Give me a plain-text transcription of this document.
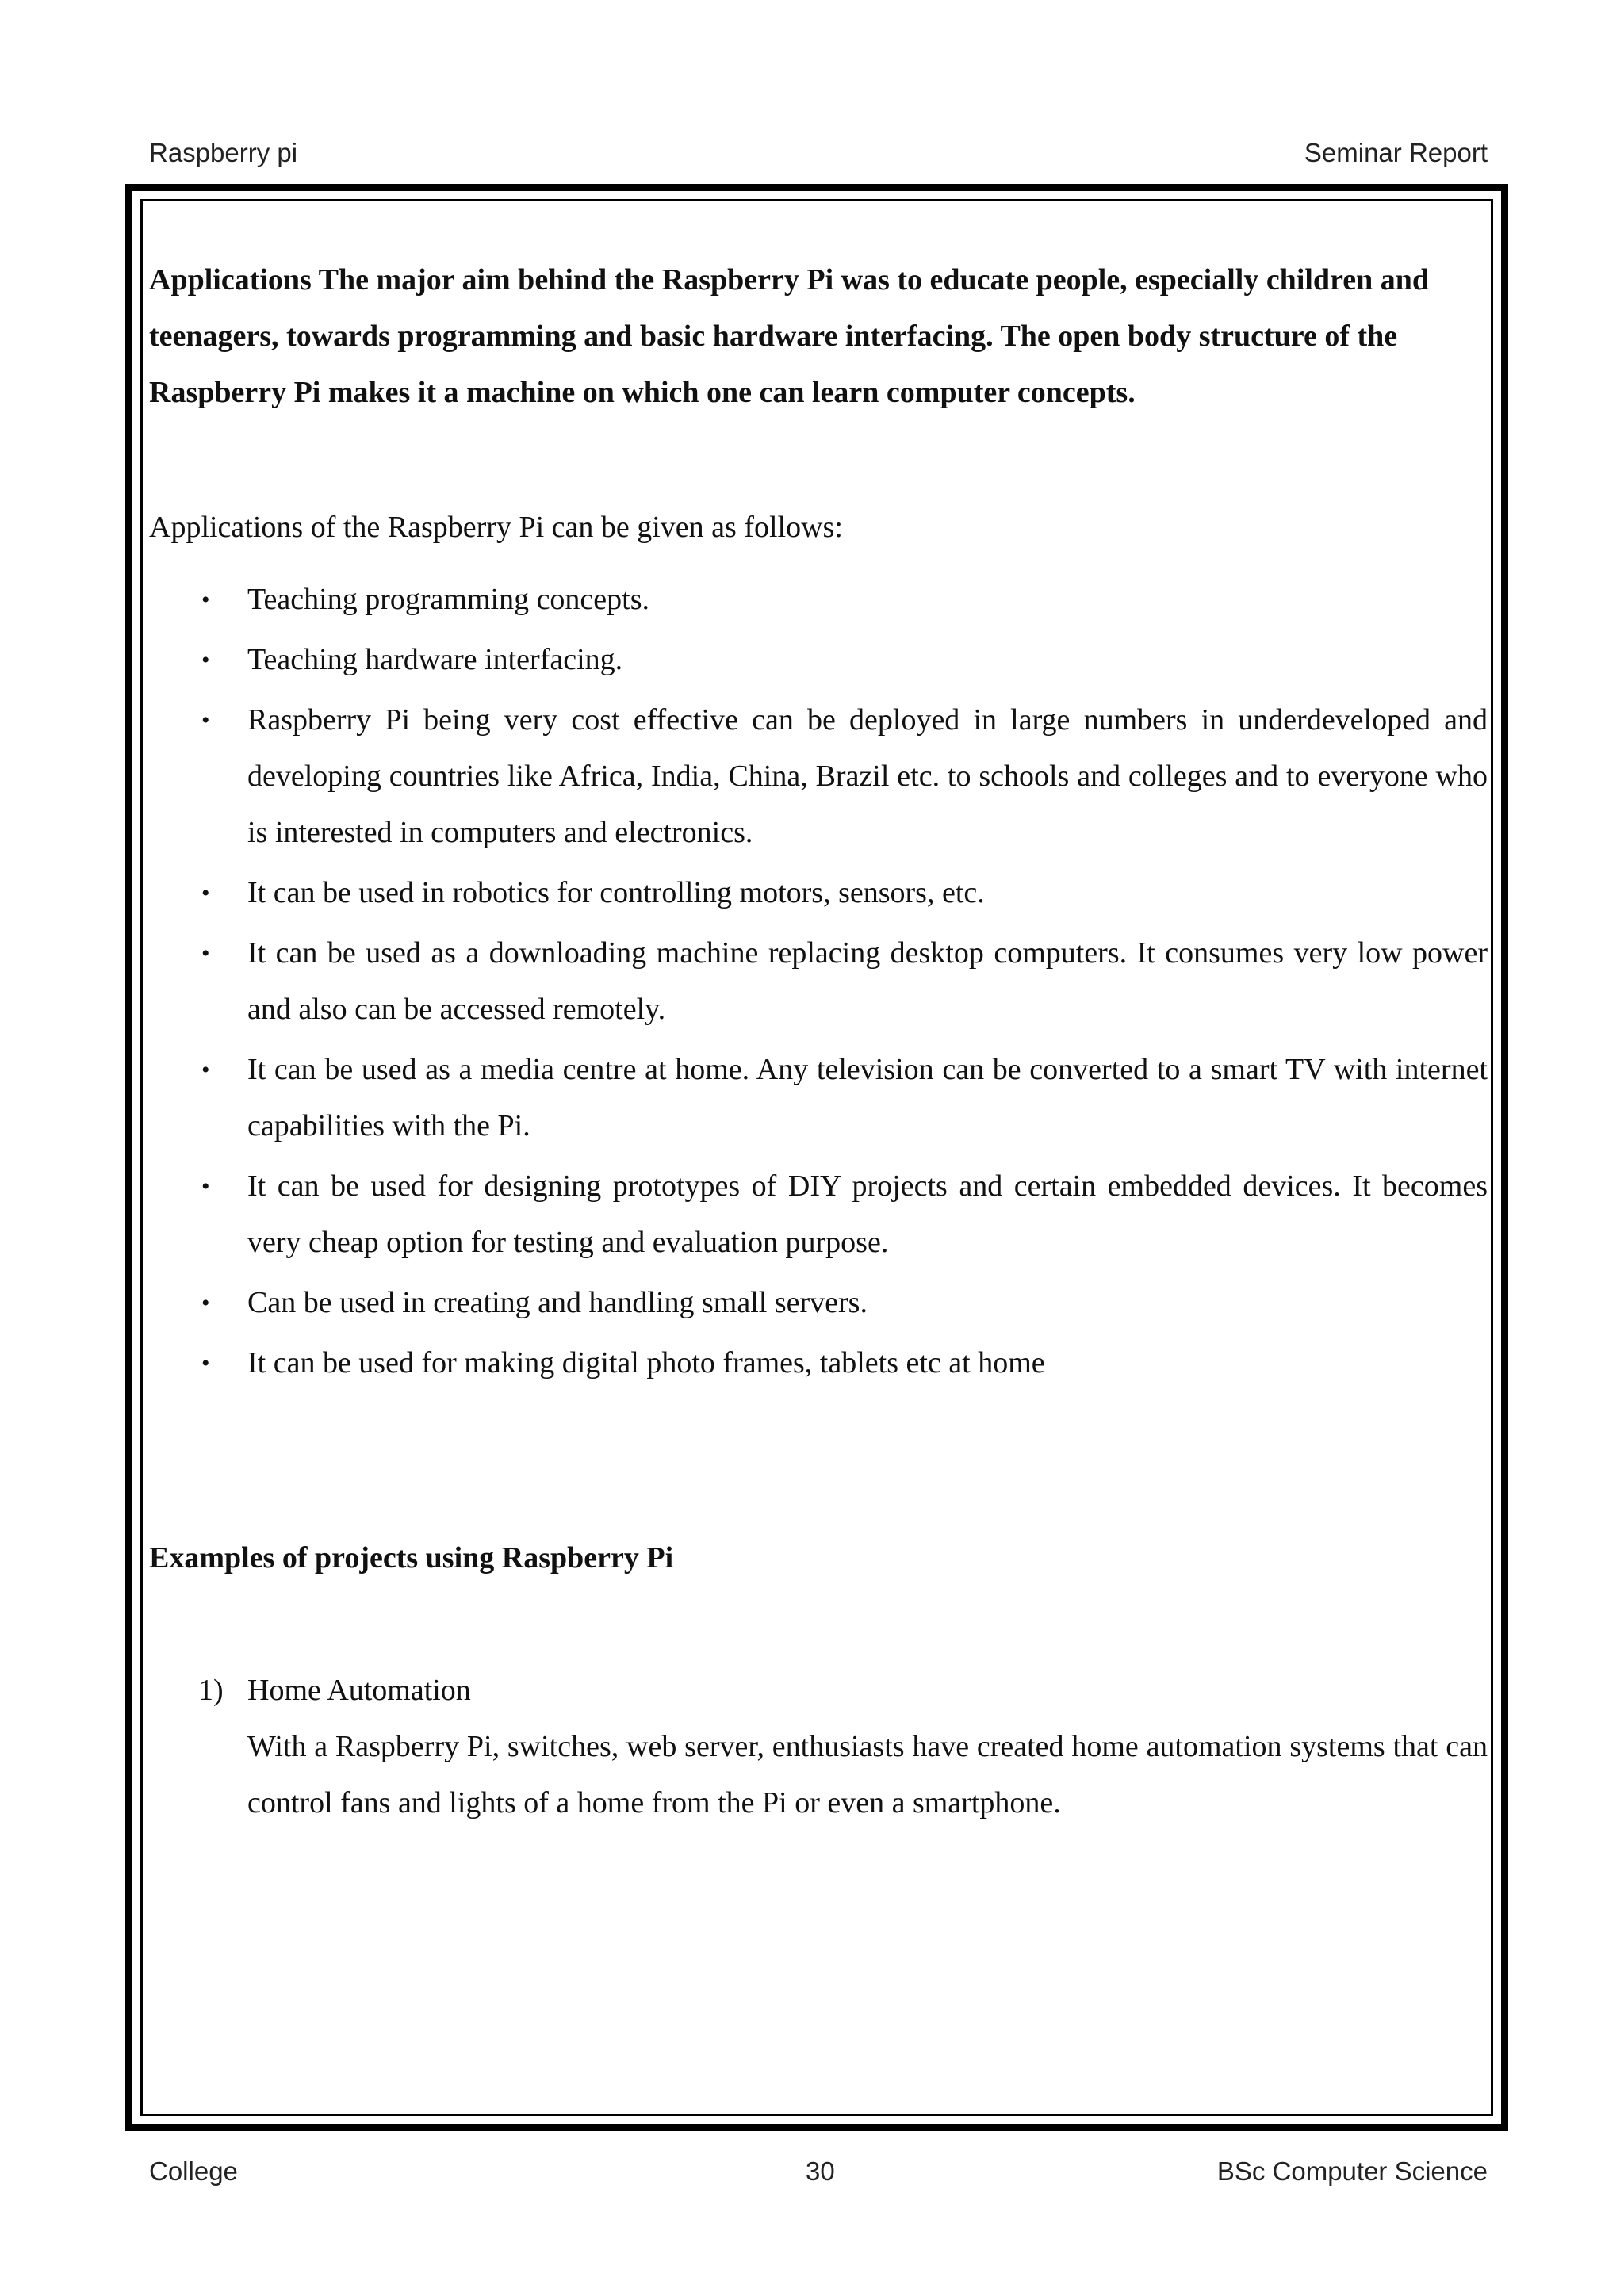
Raspberry pi	Seminar Report

Applications The major aim behind the Raspberry Pi was to educate people, especially children and teenagers, towards programming and basic hardware interfacing. The open body structure of the Raspberry Pi makes it a machine on which one can learn computer concepts.

Applications of the Raspberry Pi can be given as follows:

• Teaching programming concepts.
• Teaching hardware interfacing.
• Raspberry Pi being very cost effective can be deployed in large numbers in underdeveloped and developing countries like Africa, India, China, Brazil etc. to schools and colleges and to everyone who is interested in computers and electronics.
• It can be used in robotics for controlling motors, sensors, etc.
• It can be used as a downloading machine replacing desktop computers. It consumes very low power and also can be accessed remotely.
• It can be used as a media centre at home. Any television can be converted to a smart TV with internet capabilities with the Pi.
• It can be used for designing prototypes of DIY projects and certain embedded devices. It becomes very cheap option for testing and evaluation purpose.
• Can be used in creating and handling small servers.
• It can be used for making digital photo frames, tablets etc at home

Examples of projects using Raspberry Pi

1) Home Automation
With a Raspberry Pi, switches, web server, enthusiasts have created home automation systems that can control fans and lights of a home from the Pi or even a smartphone.
College	30	BSc Computer Science
